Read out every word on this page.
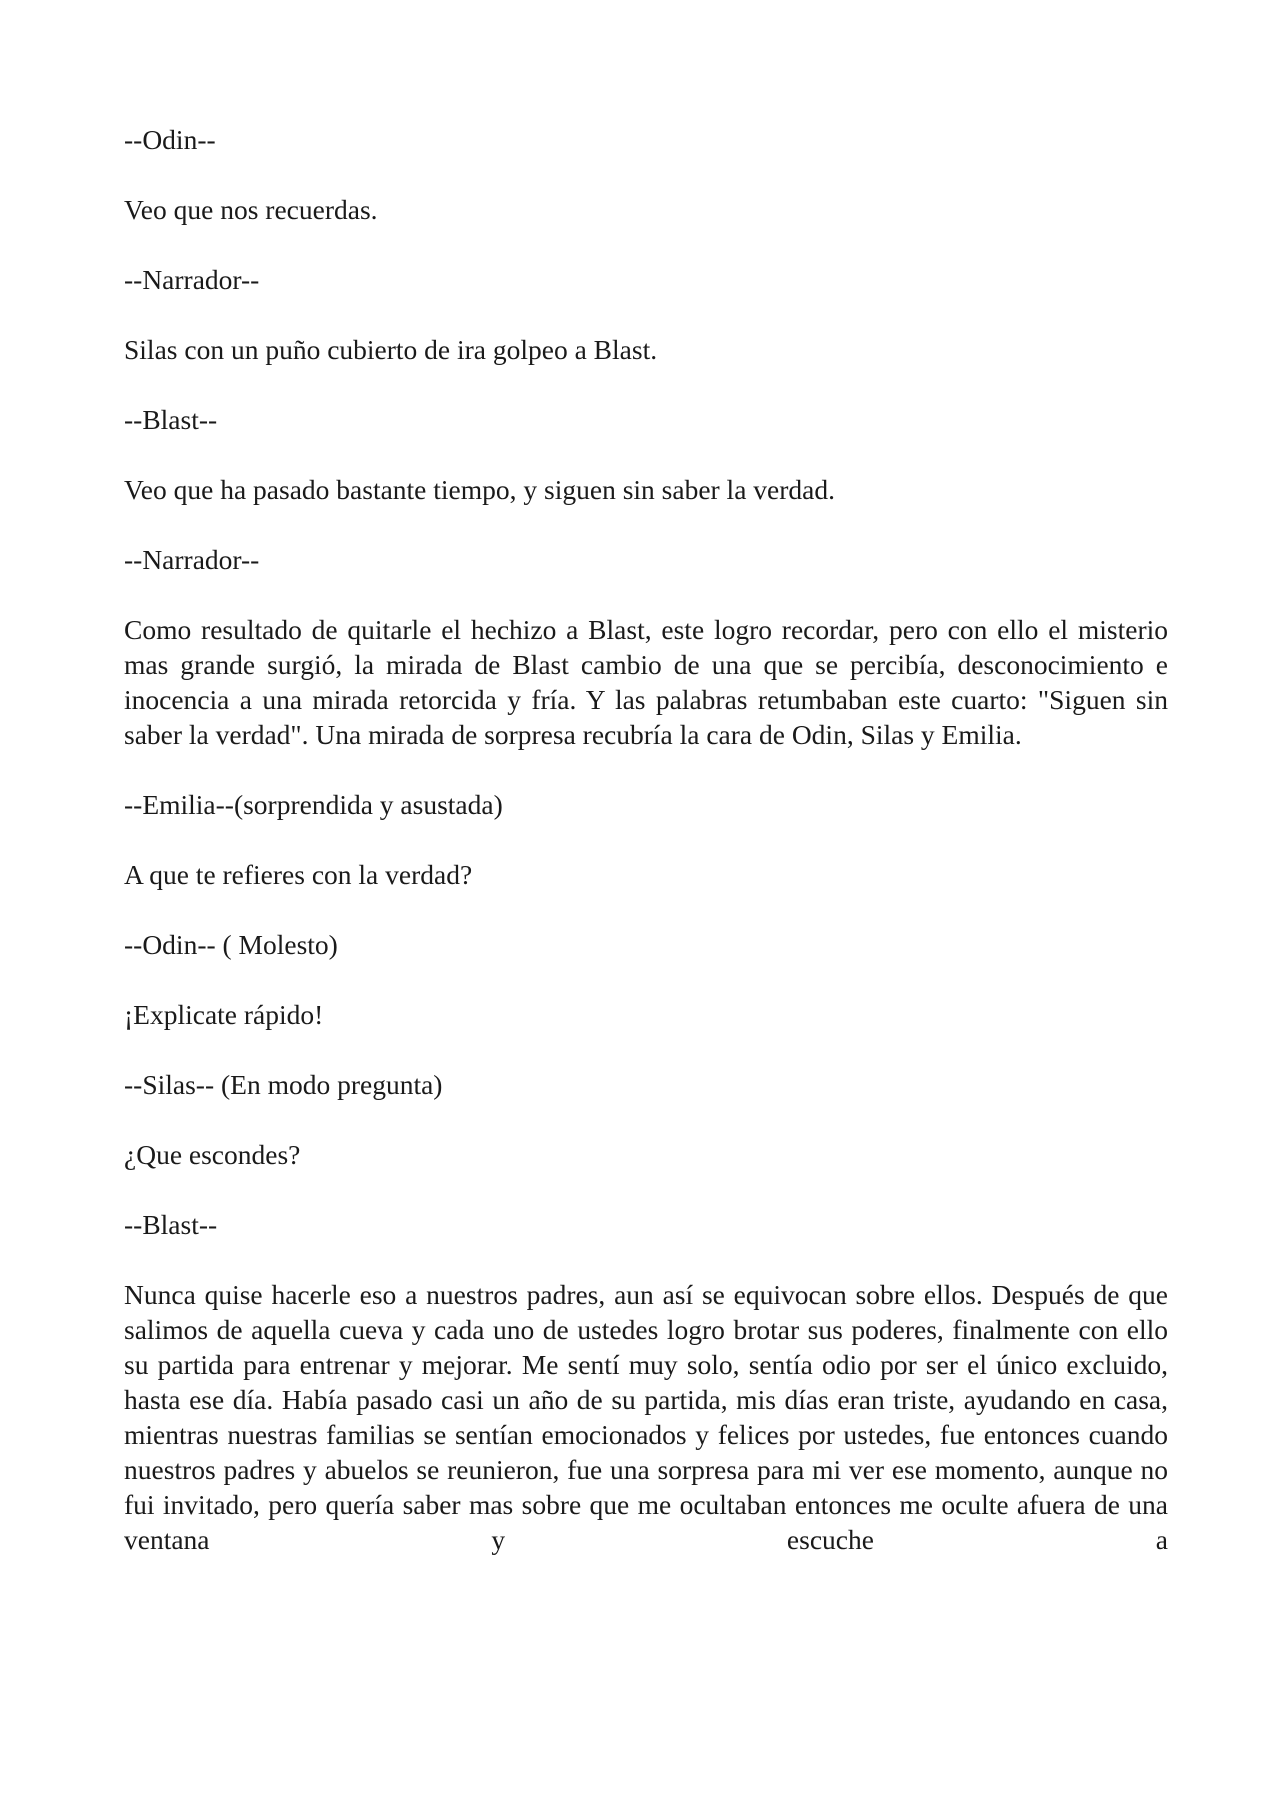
--Odin--

Veo que nos recuerdas.

--Narrador--

Silas con un puño cubierto de ira golpeo a Blast.

--Blast--

Veo que ha pasado bastante tiempo, y siguen sin saber la verdad.

--Narrador--

Como resultado de quitarle el hechizo a Blast, este logro recordar, pero con ello el misterio mas grande surgió, la mirada de Blast cambio de una que se percibía, desconocimiento e inocencia a una mirada retorcida y fría. Y las palabras retumbaban este cuarto: "Siguen sin saber la verdad". Una mirada de sorpresa recubría la cara de Odin, Silas y Emilia.

--Emilia--(sorprendida y asustada)

A que te refieres con la verdad?

--Odin-- ( Molesto)

¡Explicate rápido!

--Silas-- (En modo pregunta)

¿Que escondes?

--Blast--

Nunca quise hacerle eso a nuestros padres, aun así se equivocan sobre ellos. Después de que salimos de aquella cueva y cada uno de ustedes logro brotar sus poderes, finalmente con ello su partida para entrenar y mejorar. Me sentí muy solo, sentía odio por ser el único excluido, hasta ese día. Había pasado casi un año de su partida, mis días eran triste, ayudando en casa, mientras nuestras familias se sentían emocionados y felices por ustedes, fue entonces cuando nuestros padres y abuelos se reunieron, fue una sorpresa para mi ver ese momento, aunque no fui invitado, pero quería saber mas sobre que me ocultaban entonces me oculte afuera de una ventana y escuche a
